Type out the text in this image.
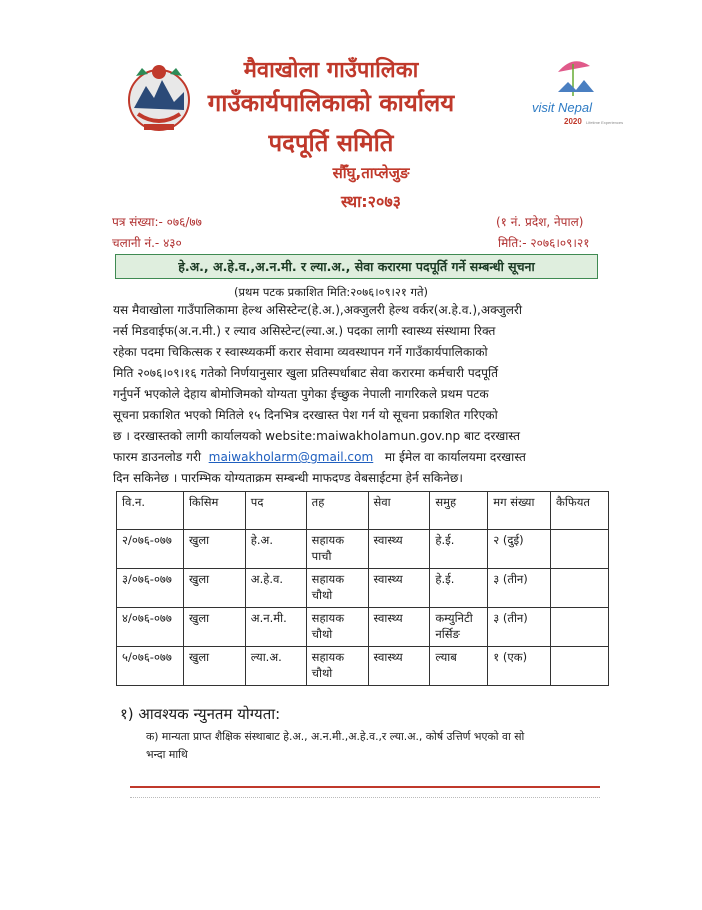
visit Nepal
2020 Lifetime Experiences
मैवाखोला गाउँपालिका
गाउँकार्यपालिकाको कार्यालय
पदपूर्ति समिति
सौँघु,ताप्लेजुङ
स्था:२०७३
पत्र संख्या:- ०७६/७७	(१ नं. प्रदेश, नेपाल)
चलानी नं.- ४३०	मिति:- २०७६।०९।२१
हे.अ., अ.हे.व.,अ.न.मी. र ल्या.अ., सेवा करारमा पदपूर्ति गर्ने सम्बन्धी सूचना
(प्रथम पटक प्रकाशित मिति:२०७६।०९।२१ गते)
यस मैवाखोला गाउँपालिकामा हेल्थ असिस्टेन्ट(हे.अ.),अक्जुलरी हेल्थ वर्कर(अ.हे.व.),अक्जुलरी
नर्स मिडवाईफ(अ.न.मी.) र ल्याव असिस्टेन्ट(ल्या.अ.) पदका लागी स्वास्थ्य संस्थामा रिक्त
रहेका पदमा चिकित्सक र स्वास्थ्यकर्मी करार सेवामा व्यवस्थापन गर्ने गाउँकार्यपालिकाको
मिति २०७६।०९।१६ गतेको निर्णयानुसार खुला प्रतिस्पर्धाबाट सेवा करारमा कर्मचारी पदपूर्ति
गर्नुपर्ने भएकोले देहाय बोमोजिमको योग्यता पुगेका ईच्छुक नेपाली नागरिकले प्रथम पटक
सूचना प्रकाशित भएको मितिले १५ दिनभित्र दरखास्त पेश गर्न यो सूचना प्रकाशित गरिएको
छ । दरखास्तको लागी कार्यालयको website:maiwakholamun.gov.np बाट दरखास्त
फारम डाउनलोड गरी maiwakholarm@gmail.com मा ईमेल वा कार्यालयमा दरखास्त
दिन सकिनेछ । पारम्भिक योग्यताक्रम सम्बन्धी माफदण्ड वेबसाईटमा हेर्न सकिनेछ।
वि.न.	किसिम	पद	तह	सेवा	समुह	मग संख्या	कैफियत
२/०७६-०७७	खुला	हे.अ.	सहायक पाचौ	स्वास्थ्य	हे.ई.	२ (दुई)	
३/०७६-०७७	खुला	अ.हे.व.	सहायक चौथो	स्वास्थ्य	हे.ई.	३ (तीन)	
४/०७६-०७७	खुला	अ.न.मी.	सहायक चौथो	स्वास्थ्य	कम्युनिटी नर्सिङ	३ (तीन)	
५/०७६-०७७	खुला	ल्या.अ.	सहायक चौथो	स्वास्थ्य	ल्याब	१ (एक)	
१) आवश्यक न्युनतम योग्यता:
क) मान्यता प्राप्त शैक्षिक संस्थाबाट हे.अ., अ.न.मी.,अ.हे.व.,र ल्या.अ., कोर्ष उत्तिर्ण भएको वा सो
भन्दा माथि
